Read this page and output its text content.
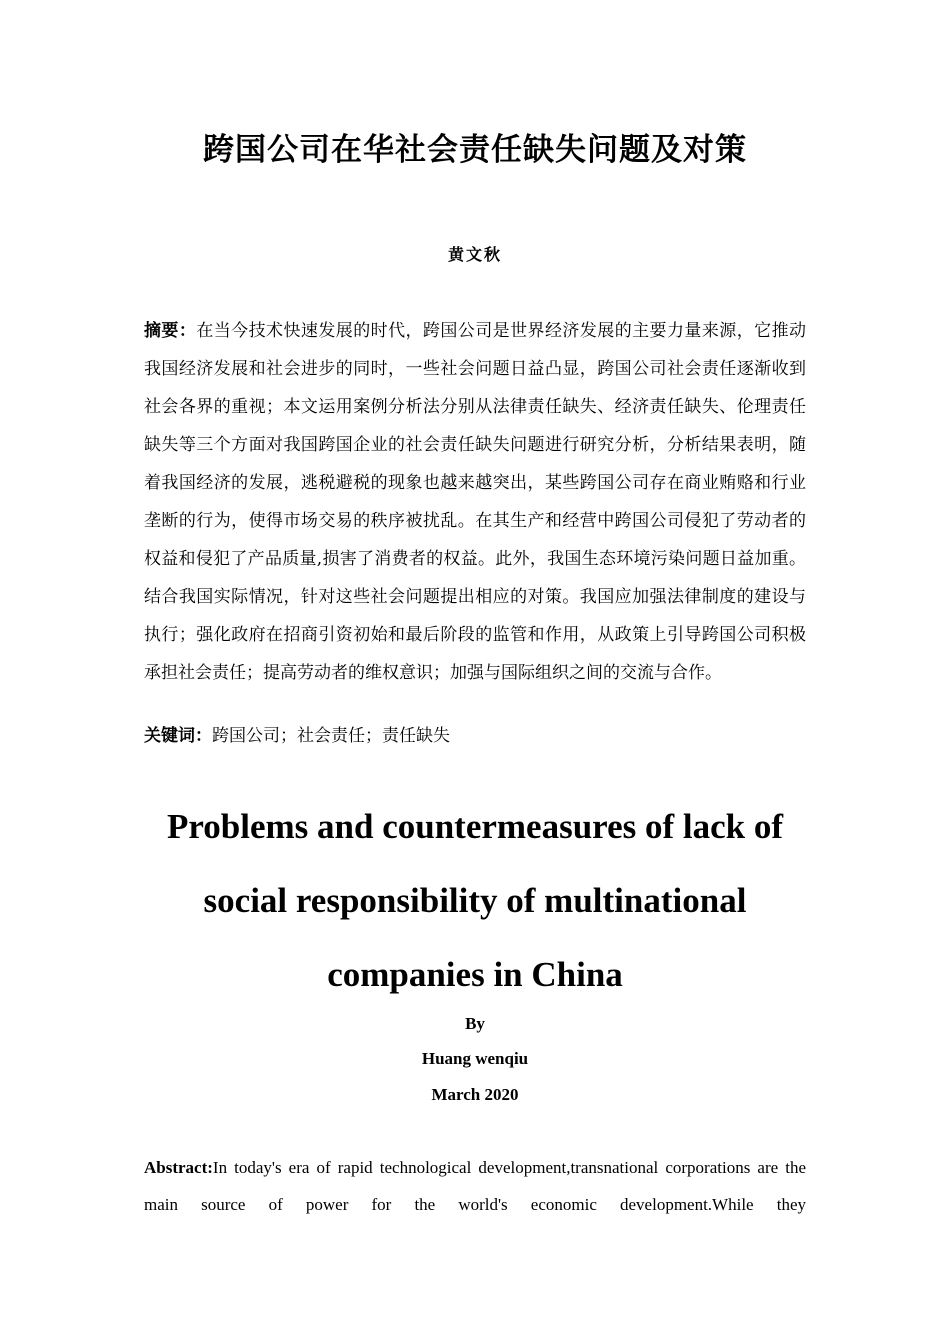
跨国公司在华社会责任缺失问题及对策
黄文秋
摘要：在当今技术快速发展的时代，跨国公司是世界经济发展的主要力量来源，它推动我国经济发展和社会进步的同时，一些社会问题日益凸显，跨国公司社会责任逐渐收到社会各界的重视；本文运用案例分析法分别从法律责任缺失、经济责任缺失、伦理责任缺失等三个方面对我国跨国企业的社会责任缺失问题进行研究分析，分析结果表明，随着我国经济的发展，逃税避税的现象也越来越突出，某些跨国公司存在商业贿赂和行业垄断的行为，使得市场交易的秩序被扰乱。在其生产和经营中跨国公司侵犯了劳动者的权益和侵犯了产品质量,损害了消费者的权益。此外，我国生态环境污染问题日益加重。结合我国实际情况，针对这些社会问题提出相应的对策。我国应加强法律制度的建设与执行；强化政府在招商引资初始和最后阶段的监管和作用，从政策上引导跨国公司积极承担社会责任；提高劳动者的维权意识；加强与国际组织之间的交流与合作。
关键词：跨国公司；社会责任；责任缺失
Problems and countermeasures of lack of
social responsibility of multinational
companies in China
By
Huang wenqiu
March 2020
Abstract:In today's era of rapid technological development,transnational corporations are the main source of power for the world's economic development.While they
